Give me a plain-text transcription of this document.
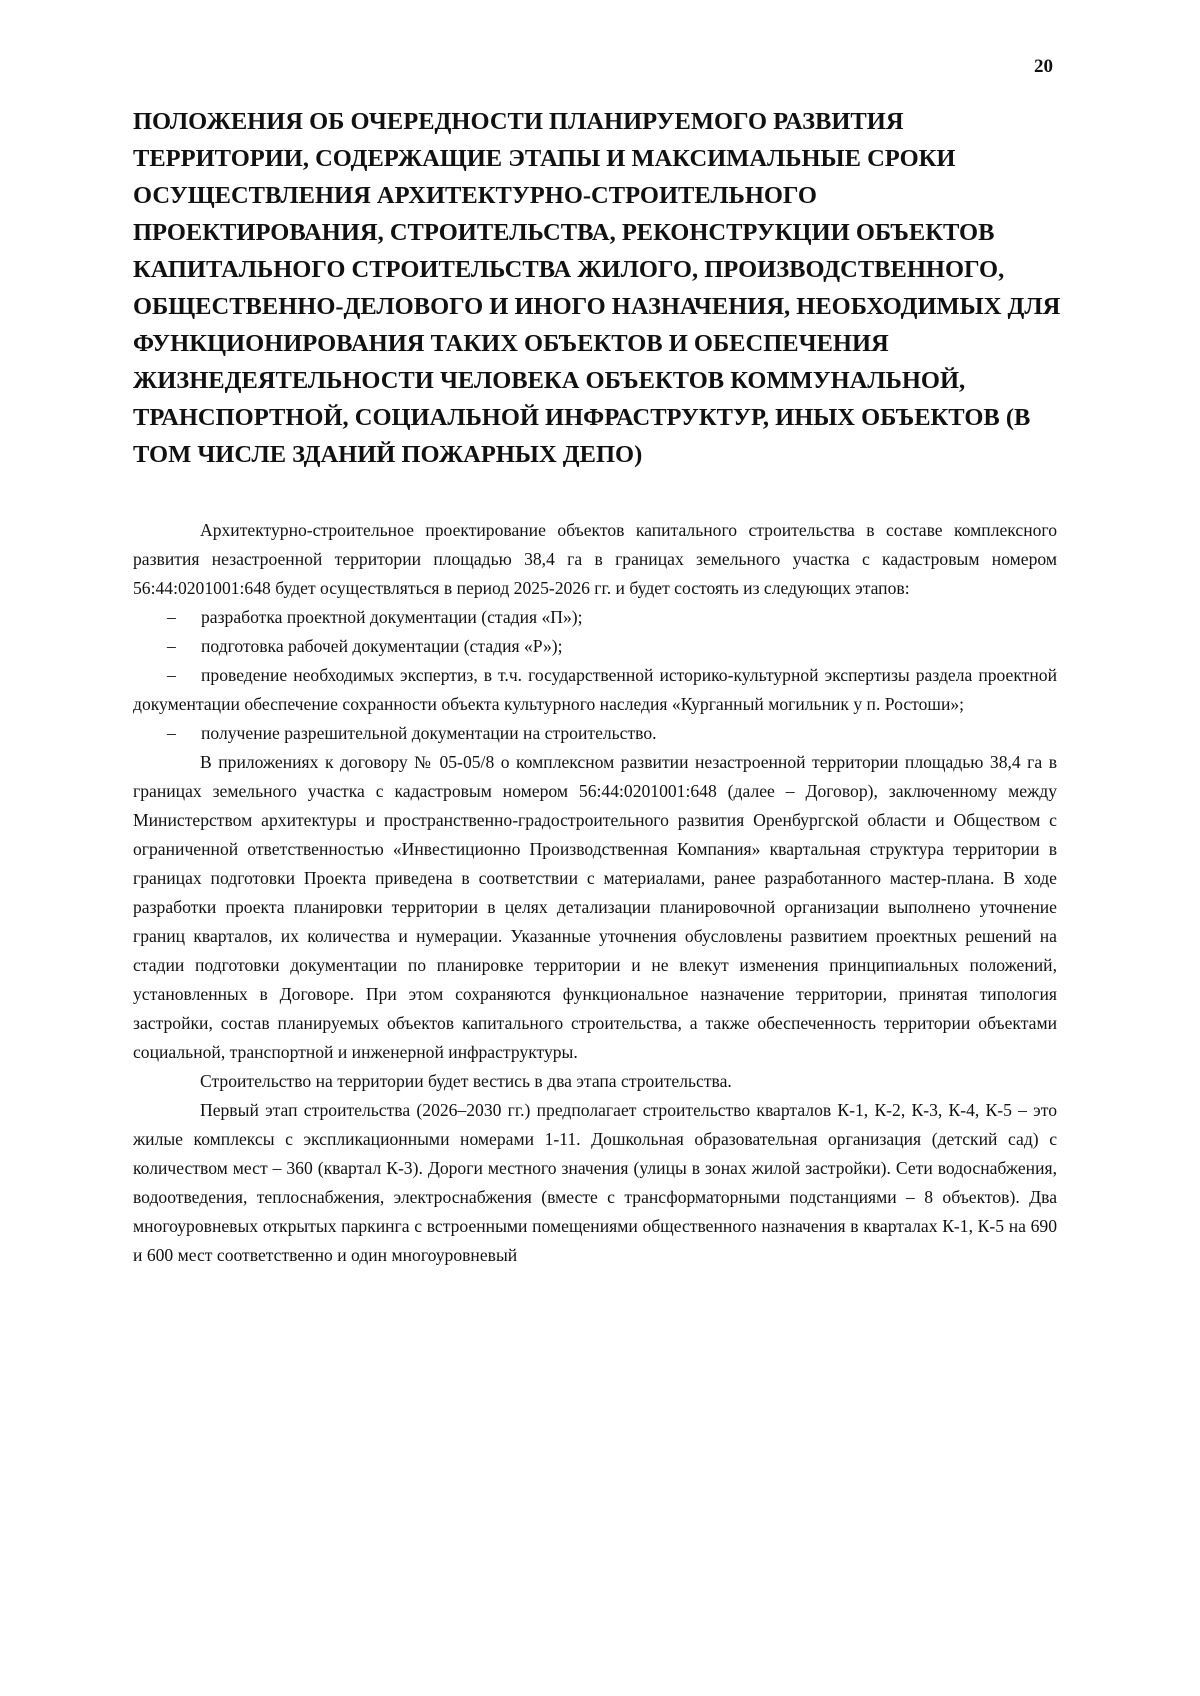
20
ПОЛОЖЕНИЯ ОБ ОЧЕРЕДНОСТИ ПЛАНИРУЕМОГО РАЗВИТИЯ ТЕРРИТОРИИ, СОДЕРЖАЩИЕ ЭТАПЫ И МАКСИМАЛЬНЫЕ СРОКИ ОСУЩЕСТВЛЕНИЯ АРХИТЕКТУРНО-СТРОИТЕЛЬНОГО ПРОЕКТИРОВАНИЯ, СТРОИТЕЛЬСТВА, РЕКОНСТРУКЦИИ ОБЪЕКТОВ КАПИТАЛЬНОГО СТРОИТЕЛЬСТВА ЖИЛОГО, ПРОИЗВОДСТВЕННОГО, ОБЩЕСТВЕННО-ДЕЛОВОГО И ИНОГО НАЗНАЧЕНИЯ, НЕОБХОДИМЫХ ДЛЯ ФУНКЦИОНИРОВАНИЯ ТАКИХ ОБЪЕКТОВ И ОБЕСПЕЧЕНИЯ ЖИЗНЕДЕЯТЕЛЬНОСТИ ЧЕЛОВЕКА ОБЪЕКТОВ КОММУНАЛЬНОЙ, ТРАНСПОРТНОЙ, СОЦИАЛЬНОЙ ИНФРАСТРУКТУР, ИНЫХ ОБЪЕКТОВ (В ТОМ ЧИСЛЕ ЗДАНИЙ ПОЖАРНЫХ ДЕПО)

Архитектурно-строительное проектирование объектов капитального строительства в составе комплексного развития незастроенной территории площадью 38,4 га в границах земельного участка с кадастровым номером 56:44:0201001:648 будет осуществляться в период 2025-2026 гг. и будет состоять из следующих этапов:

– разработка проектной документации (стадия «П»);
– подготовка рабочей документации (стадия «Р»);
– проведение необходимых экспертиз, в т.ч. государственной историко-культурной экспертизы раздела проектной документации обеспечение сохранности объекта культурного наследия «Курганный могильник у п. Ростоши»;
– получение разрешительной документации на строительство.

В приложениях к договору № 05-05/8 о комплексном развитии незастроенной территории площадью 38,4 га в границах земельного участка с кадастровым номером 56:44:0201001:648 (далее – Договор), заключенному между Министерством архитектуры и пространственно-градостроительного развития Оренбургской области и Обществом с ограниченной ответственностью «Инвестиционно Производственная Компания» квартальная структура территории в границах подготовки Проекта приведена в соответствии с материалами, ранее разработанного мастер-плана. В ходе разработки проекта планировки территории в целях детализации планировочной организации выполнено уточнение границ кварталов, их количества и нумерации. Указанные уточнения обусловлены развитием проектных решений на стадии подготовки документации по планировке территории и не влекут изменения принципиальных положений, установленных в Договоре. При этом сохраняются функциональное назначение территории, принятая типология застройки, состав планируемых объектов капитального строительства, а также обеспеченность территории объектами социальной, транспортной и инженерной инфраструктуры.

Строительство на территории будет вестись в два этапа строительства.

Первый этап строительства (2026–2030 гг.) предполагает строительство кварталов К-1, К-2, К-3, К-4, К-5 – это жилые комплексы с экспликационными номерами 1-11. Дошкольная образовательная организация (детский сад) с количеством мест – 360 (квартал К-3). Дороги местного значения (улицы в зонах жилой застройки). Сети водоснабжения, водоотведения, теплоснабжения, электроснабжения (вместе с трансформаторными подстанциями – 8 объектов). Два многоуровневых открытых паркинга с встроенными помещениями общественного назначения в кварталах К-1, К-5 на 690 и 600 мест соответственно и один многоуровневый
